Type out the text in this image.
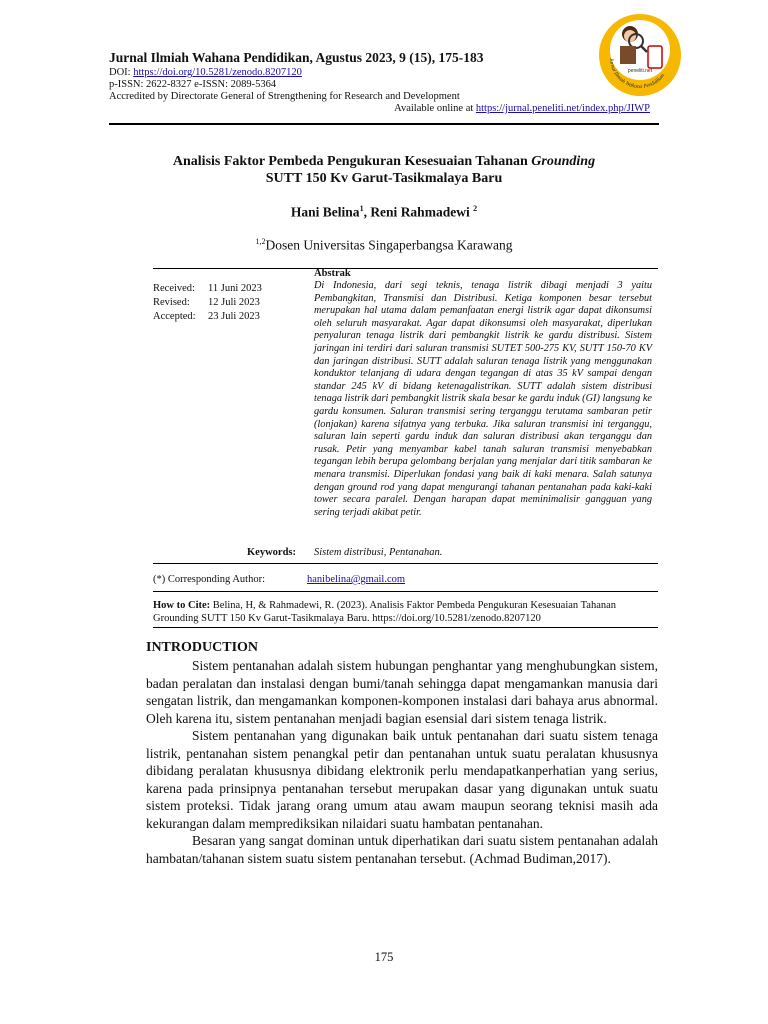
Jurnal Ilmiah Wahana Pendidikan, Agustus 2023, 9 (15), 175-183
DOI: https://doi.org/10.5281/zenodo.8207120
p-ISSN: 2622-8327 e-ISSN: 2089-5364
Accredited by Directorate General of Strengthening for Research and Development
Available online at https://jurnal.peneliti.net/index.php/JIWP
peneliti.net
Jurnal Ilmiah Wahana Pendidikan
Analisis Faktor Pembeda Pengukuran Kesesuaian Tahanan Grounding
SUTT 150 Kv Garut-Tasikmalaya Baru
Hani Belina$^1$, Reni Rahmadewi $^2$
$^{1,2}$Dosen Universitas Singaperbangsa Karawang
Received: 11 Juni 2023
Revised: 12 Juli 2023
Accepted: 23 Juli 2023
Abstrak
Di Indonesia, dari segi teknis, tenaga listrik dibagi menjadi 3 yaitu Pembangkitan, Transmisi dan Distribusi. Ketiga komponen besar tersebut merupakan hal utama dalam pemanfaatan energi listrik agar dapat dikonsumsi oleh seluruh masyarakat. Agar dapat dikonsumsi oleh masyarakat, diperlukan penyaluran tenaga listrik dari pembangkit listrik ke gardu distribusi. Sistem jaringan ini terdiri dari saluran transmisi SUTET 500-275 KV, SUTT 150-70 KV dan jaringan distribusi. SUTT adalah saluran tenaga listrik yang menggunakan konduktor telanjang di udara dengan tegangan di atas 35 kV sampai dengan standar 245 kV di bidang ketenagalistrikan. SUTT adalah sistem distribusi tenaga listrik dari pembangkit listrik skala besar ke gardu induk (GI) langsung ke gardu konsumen. Saluran transmisi sering terganggu terutama sambaran petir (lonjakan) karena sifatnya yang terbuka. Jika saluran transmisi ini terganggu, saluran lain seperti gardu induk dan saluran distribusi akan terganggu dan rusak. Petir yang menyambar kabel tanah saluran transmisi menyebabkan tegangan lebih berupa gelombang berjalan yang menjalar dari titik sambaran ke menara transmisi. Diperlukan fondasi yang baik di kaki menara. Salah satunya dengan ground rod yang dapat mengurangi tahanan pentanahan pada kaki-kaki tower secara paralel. Dengan harapan dapat meminimalisir gangguan yang sering terjadi akibat petir.
Keywords: Sistem distribusi, Pentanahan.
(*) Corresponding Author:	hanibelina@gmail.com
How to Cite: Belina, H, & Rahmadewi, R. (2023). Analisis Faktor Pembeda Pengukuran Kesesuaian Tahanan Grounding SUTT 150 Kv Garut-Tasikmalaya Baru. https://doi.org/10.5281/zenodo.8207120
INTRODUCTION

Sistem pentanahan adalah sistem hubungan penghantar yang menghubungkan sistem, badan peralatan dan instalasi dengan bumi/tanah sehingga dapat mengamankan manusia dari sengatan listrik, dan mengamankan komponen-komponen instalasi dari bahaya arus abnormal. Oleh karena itu, sistem pentanahan menjadi bagian esensial dari sistem tenaga listrik.

Sistem pentanahan yang digunakan baik untuk pentanahan dari suatu sistem tenaga listrik, pentanahan sistem penangkal petir dan pentanahan untuk suatu peralatan khususnya dibidang peralatan khususnya dibidang elektronik perlu mendapatkanperhatian yang serius, karena pada prinsipnya pentanahan tersebut merupakan dasar yang digunakan untuk suatu sistem proteksi. Tidak jarang orang umum atau awam maupun seorang teknisi masih ada kekurangan dalam memprediksikan nilaidari suatu hambatan pentanahan.

Besaran yang sangat dominan untuk diperhatikan dari suatu sistem pentanahan adalah hambatan/tahanan sistem suatu sistem pentanahan tersebut. (Achmad Budiman,2017).

175
